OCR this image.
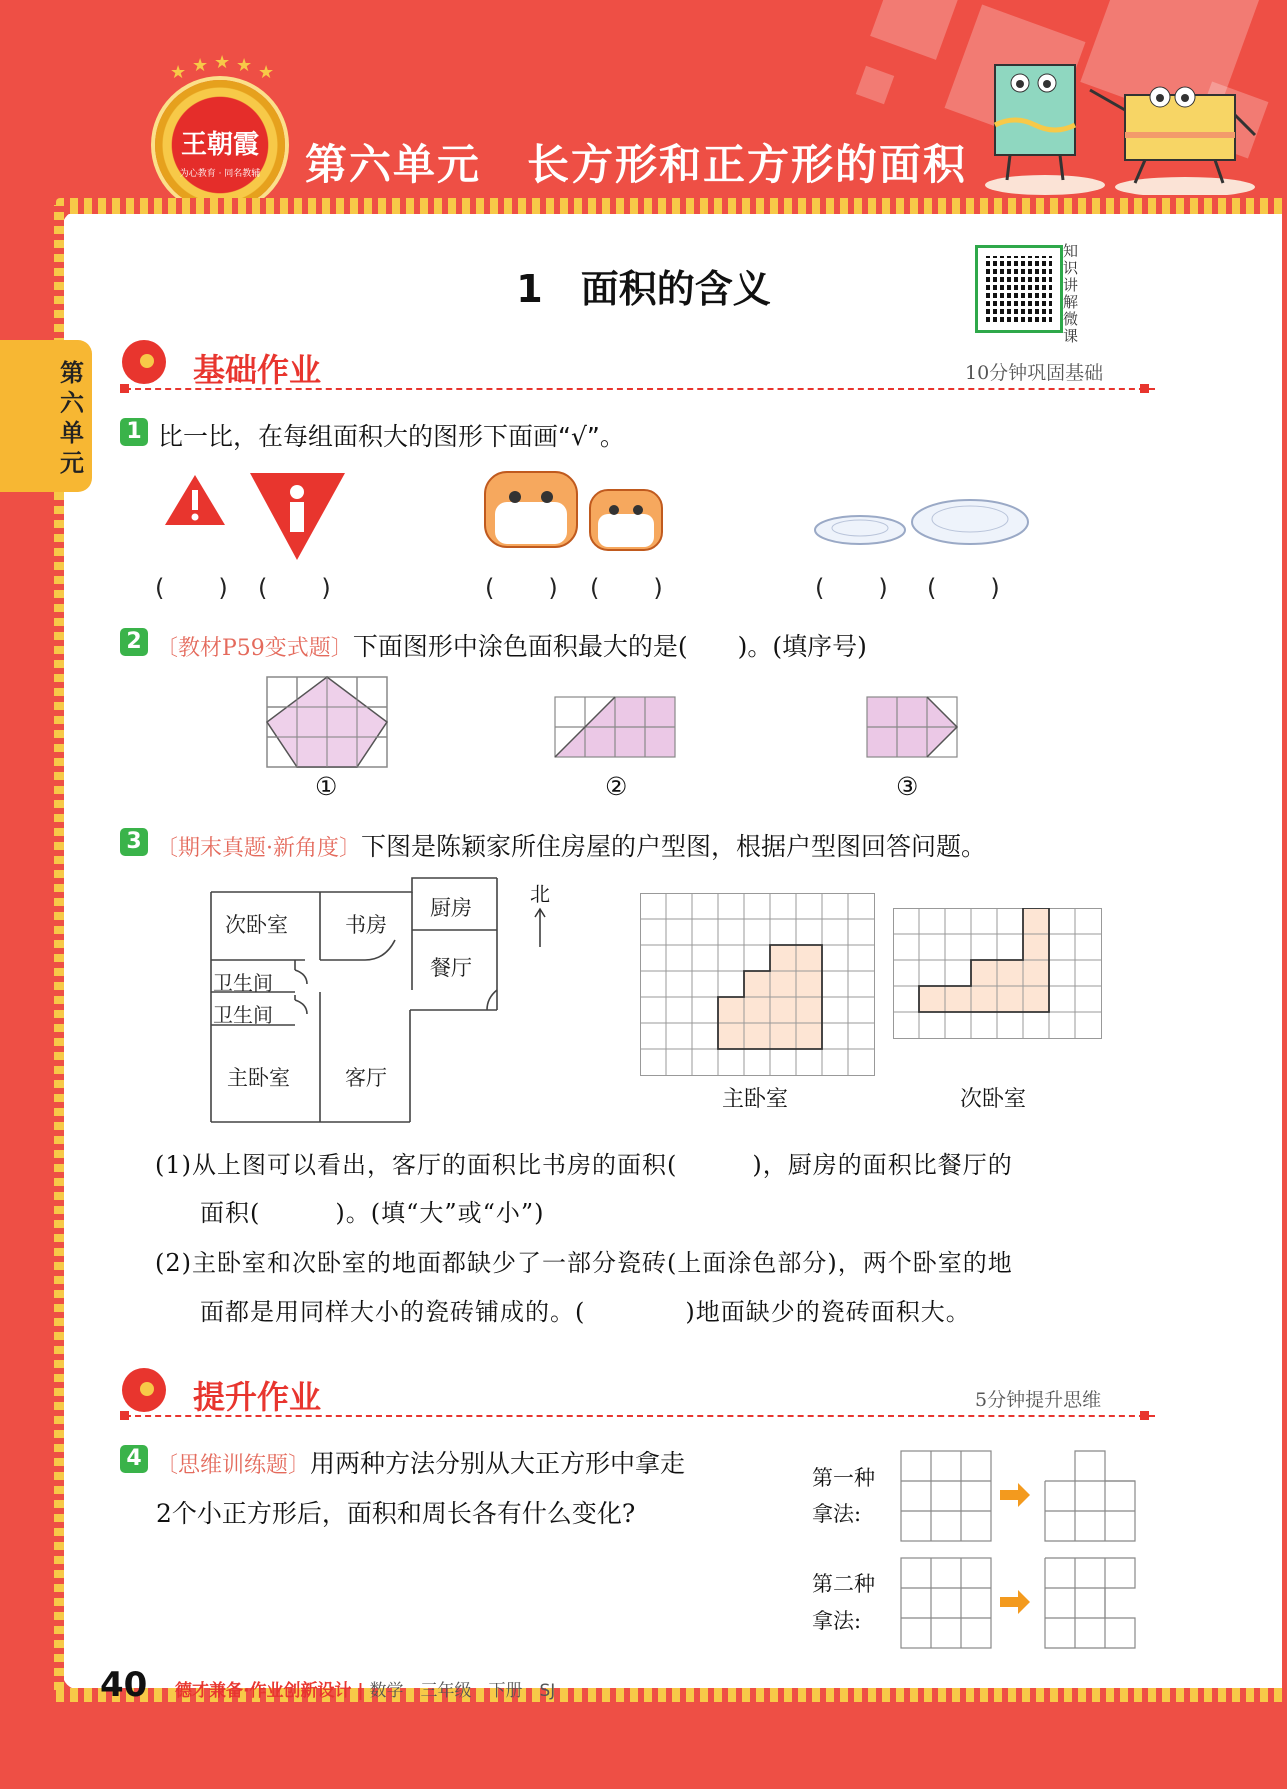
★ ★ ★ ★ ★
王朝霞
为心教育 · 同名教辅	第六单元 长方形和正方形的面积
第六单元
1　面积的含义
知识讲解微课
基础作业	10分钟巩固基础
1 比一比，在每组面积大的图形下面画“√”。
(　　) (　　)	(　　) (　　)	(　　) (　　)
2 〔教材P59变式题〕下面图形中涂色面积最大的是(　　)。(填序号)
①	②	③
3 〔期末真题·新角度〕下图是陈颖家所住房屋的户型图，根据户型图回答问题。
次卧室	书房
厨房
餐厅
卫生间
卫生间
主卧室	客厅
北
主卧室	次卧室
(1)从上图可以看出，客厅的面积比书房的面积(　　　)，厨房的面积比餐厅的
面积(　　　)。(填“大”或“小”)
(2)主卧室和次卧室的地面都缺少了一部分瓷砖(上面涂色部分)，两个卧室的地
面都是用同样大小的瓷砖铺成的。(　　　　)地面缺少的瓷砖面积大。
提升作业	5分钟提升思维
4 〔思维训练题〕用两种方法分别从大正方形中拿走
2个小正方形后，面积和周长各有什么变化?
第一种
拿法:
第二种
拿法:
40 德才兼备·作业创新设计 | 数学　三年级　下册　SJ
